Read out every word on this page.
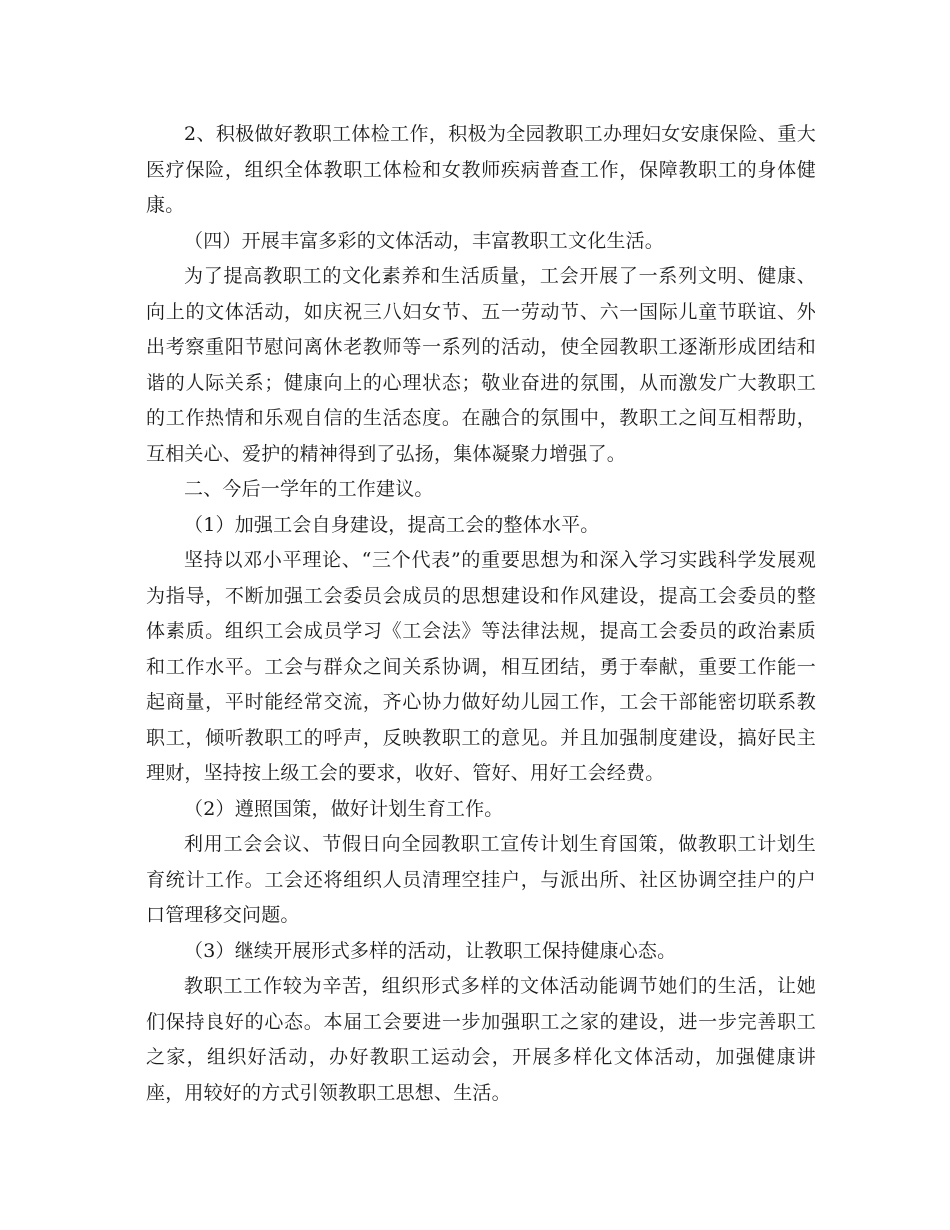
2、积极做好教职工体检工作，积极为全园教职工办理妇女安康保险、重大医疗保险，组织全体教职工体检和女教师疾病普查工作，保障教职工的身体健康。

（四）开展丰富多彩的文体活动，丰富教职工文化生活。

为了提高教职工的文化素养和生活质量，工会开展了一系列文明、健康、向上的文体活动，如庆祝三八妇女节、五一劳动节、六一国际儿童节联谊、外出考察重阳节慰问离休老教师等一系列的活动，使全园教职工逐渐形成团结和谐的人际关系；健康向上的心理状态；敬业奋进的氛围，从而激发广大教职工的工作热情和乐观自信的生活态度。在融合的氛围中，教职工之间互相帮助，互相关心、爱护的精神得到了弘扬，集体凝聚力增强了。

二、今后一学年的工作建议。

（1）加强工会自身建设，提高工会的整体水平。

坚持以邓小平理论、“三个代表”的重要思想为和深入学习实践科学发展观为指导，不断加强工会委员会成员的思想建设和作风建设，提高工会委员的整体素质。组织工会成员学习《工会法》等法律法规，提高工会委员的政治素质和工作水平。工会与群众之间关系协调，相互团结，勇于奉献，重要工作能一起商量，平时能经常交流，齐心协力做好幼儿园工作，工会干部能密切联系教职工，倾听教职工的呼声，反映教职工的意见。并且加强制度建设，搞好民主理财，坚持按上级工会的要求，收好、管好、用好工会经费。

（2）遵照国策，做好计划生育工作。

利用工会会议、节假日向全园教职工宣传计划生育国策，做教职工计划生育统计工作。工会还将组织人员清理空挂户，与派出所、社区协调空挂户的户口管理移交问题。

（3）继续开展形式多样的活动，让教职工保持健康心态。

教职工工作较为辛苦，组织形式多样的文体活动能调节她们的生活，让她们保持良好的心态。本届工会要进一步加强职工之家的建设，进一步完善职工之家，组织好活动，办好教职工运动会，开展多样化文体活动，加强健康讲座，用较好的方式引领教职工思想、生活。
